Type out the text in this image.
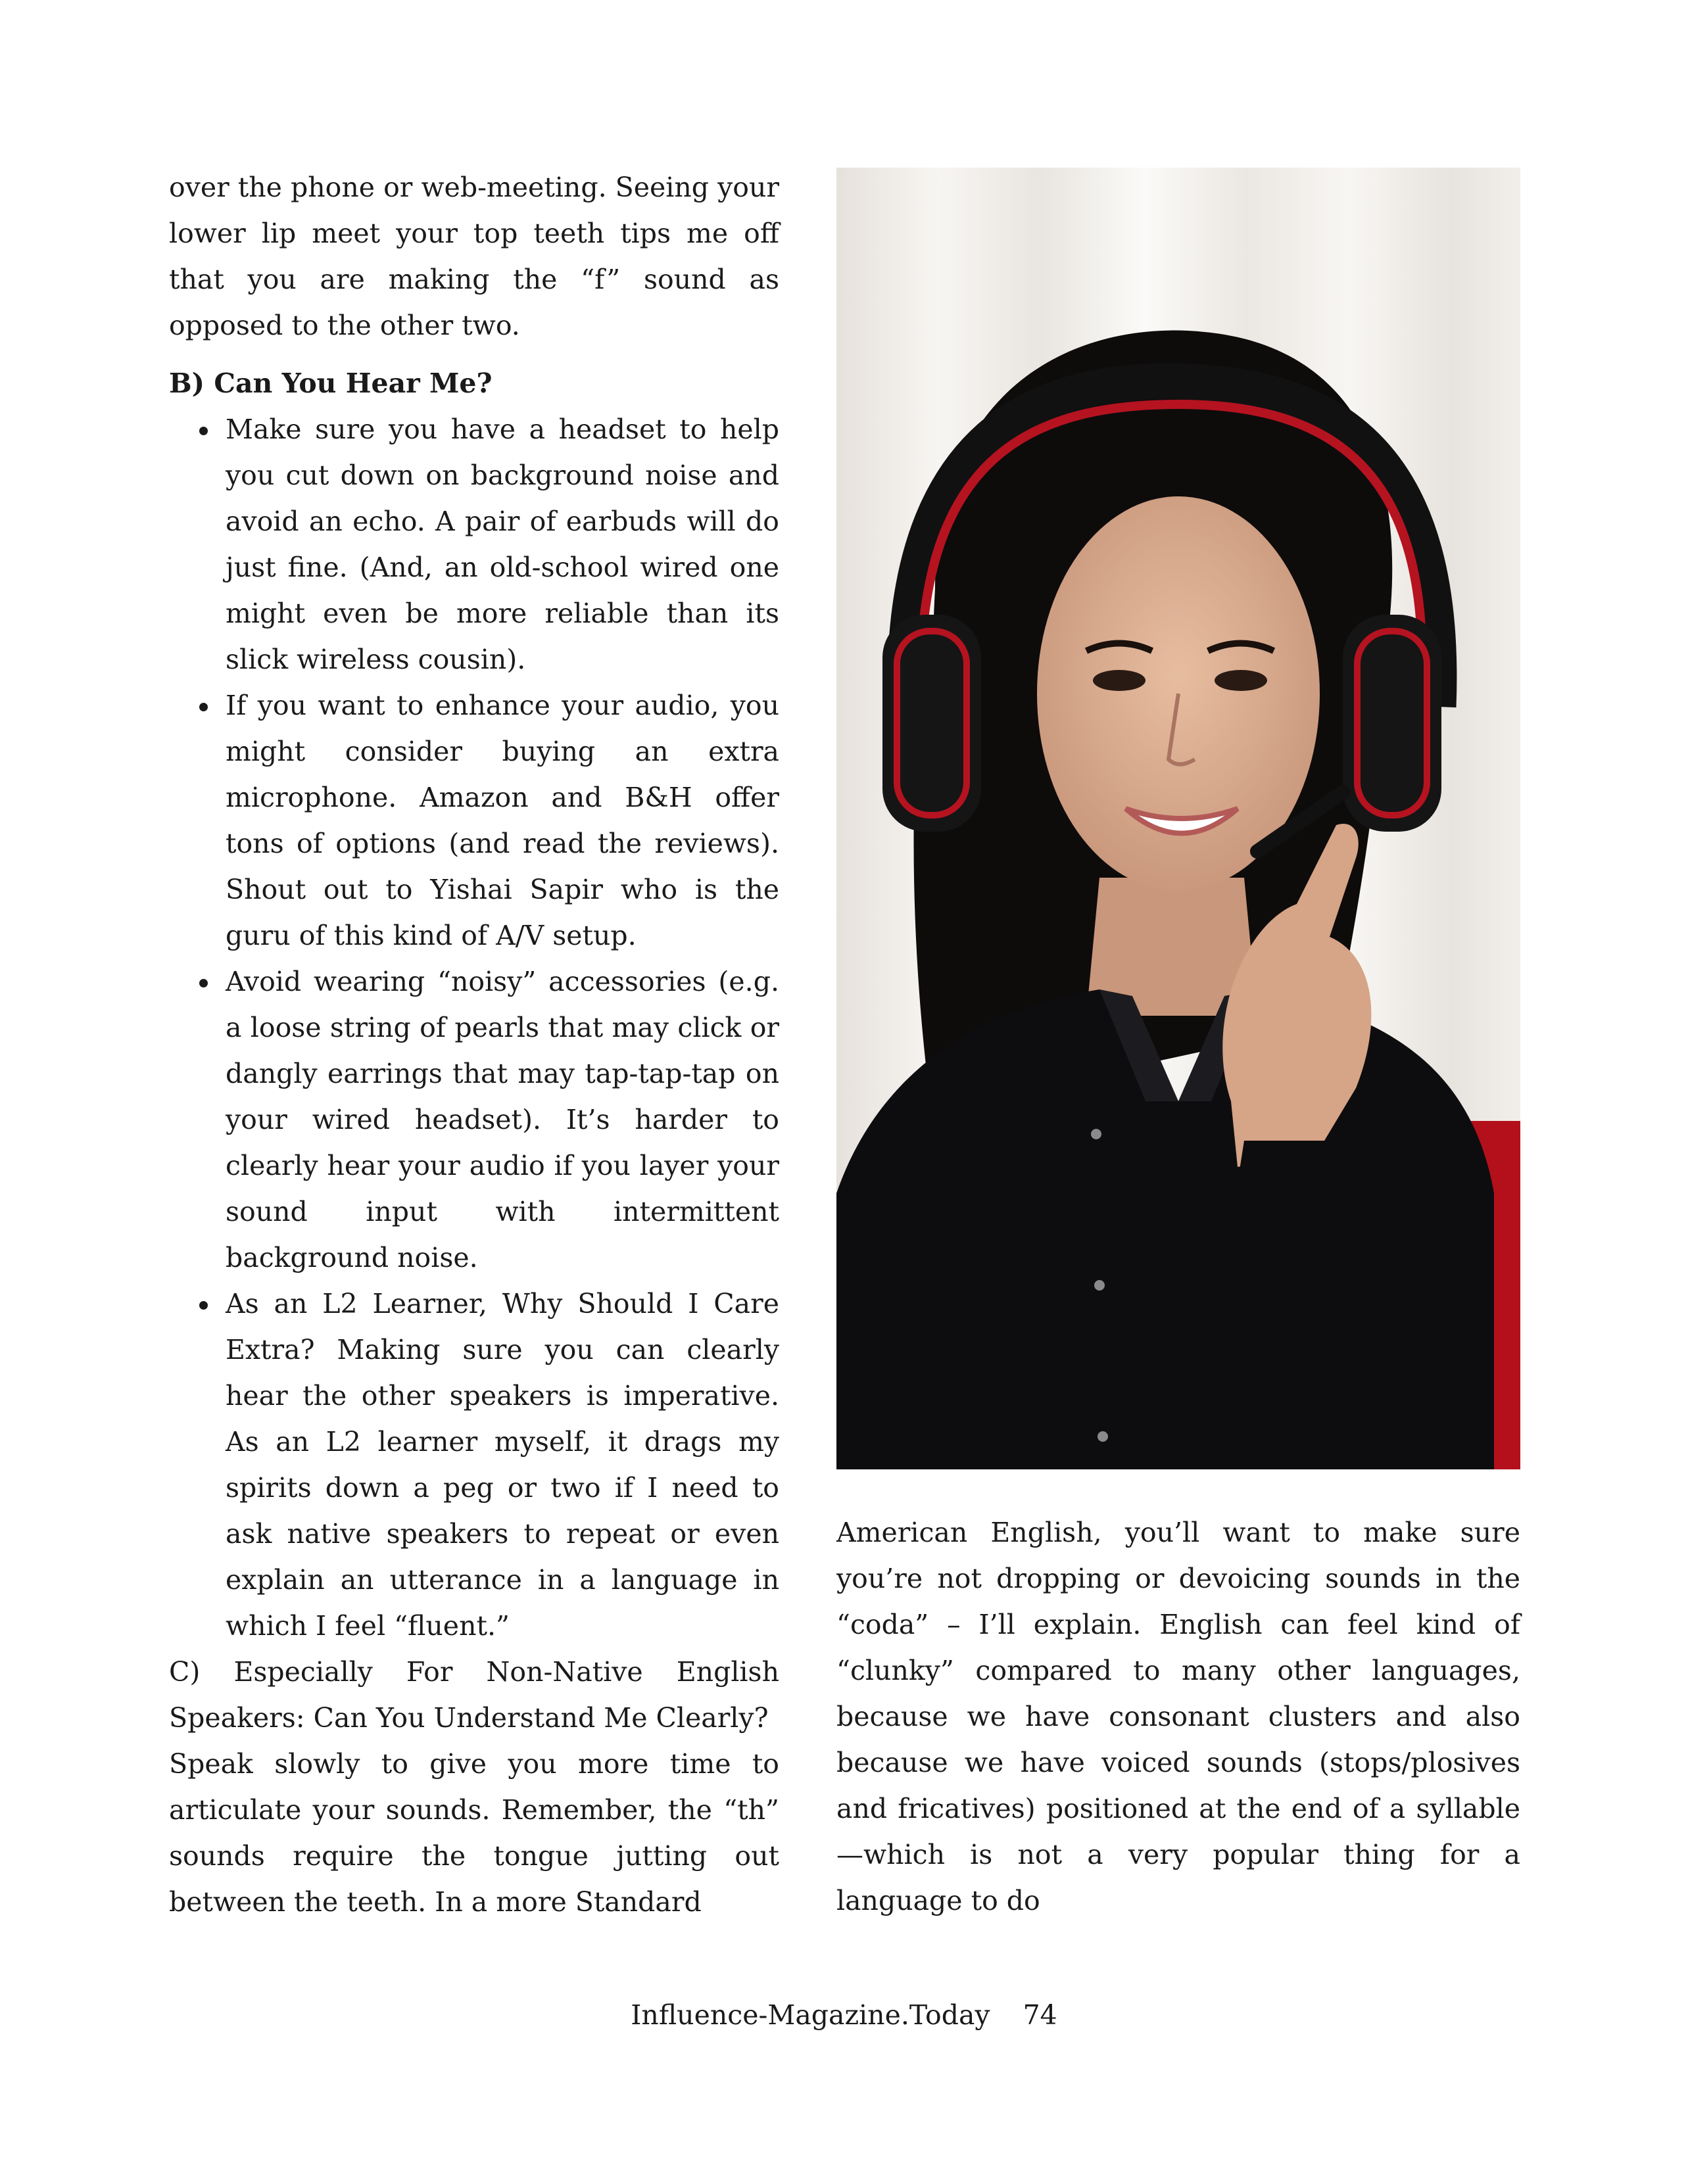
over the phone or web-meeting. Seeing your lower lip meet your top teeth tips me off that you are making the “f” sound as opposed to the other two.

B) Can You Hear Me?
Make sure you have a headset to help you cut down on background noise and avoid an echo. A pair of earbuds will do just fine. (And, an old-school wired one might even be more reliable than its slick wireless cousin).
If you want to enhance your audio, you might consider buying an extra microphone. Amazon and B&H offer tons of options (and read the reviews). Shout out to Yishai Sapir who is the guru of this kind of A/V setup.
Avoid wearing “noisy” accessories (e.g. a loose string of pearls that may click or dangly earrings that may tap-tap-tap on your wired headset). It’s harder to clearly hear your audio if you layer your sound input with intermittent background noise.
As an L2 Learner, Why Should I Care Extra? Making sure you can clearly hear the other speakers is imperative. As an L2 learner myself, it drags my spirits down a peg or two if I need to ask native speakers to repeat or even explain an utterance in a language in which I feel “fluent.”

C) Especially For Non-Native English Speakers: Can You Understand Me Clearly?

Speak slowly to give you more time to articulate your sounds. Remember, the “th” sounds require the tongue jutting out between the teeth. In a more Standard

American English, you’ll want to make sure you’re not dropping or devoicing sounds in the “coda” – I’ll explain. English can feel kind of “clunky” compared to many other languages, because we have consonant clusters and also because we have voiced sounds (stops/plosives and fricatives) positioned at the end of a syllable—which is not a very popular thing for a language to do

Influence-Magazine.Today 74
